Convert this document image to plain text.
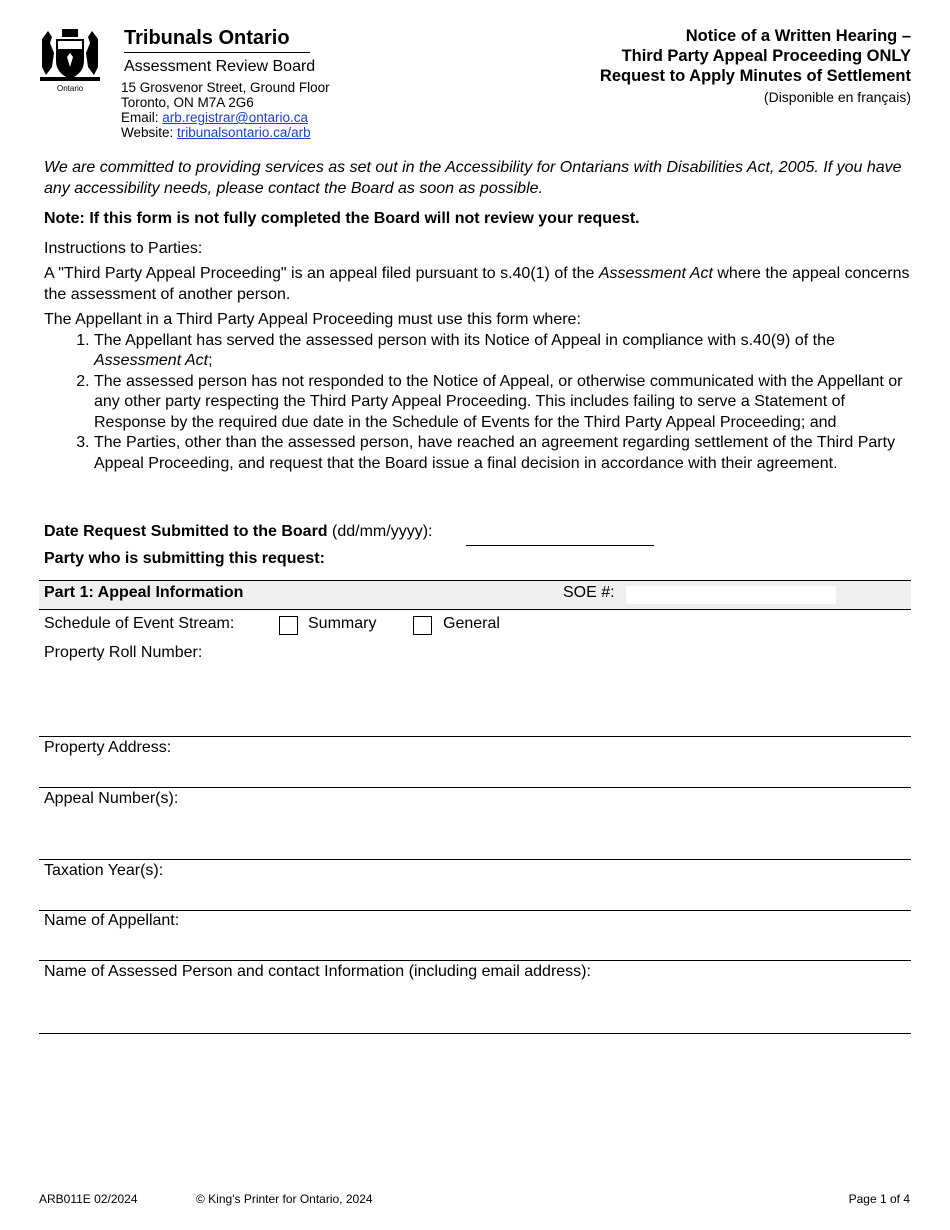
Ontario
Tribunals Ontario
Assessment Review Board
15 Grosvenor Street, Ground Floor
Toronto, ON M7A 2G6
Email: arb.registrar@ontario.ca
Website: tribunalsontario.ca/arb
Notice of a Written Hearing –
Third Party Appeal Proceeding ONLY
Request to Apply Minutes of Settlement
(Disponible en français)
We are committed to providing services as set out in the Accessibility for Ontarians with Disabilities Act, 2005. If you have any accessibility needs, please contact the Board as soon as possible.
Note: If this form is not fully completed the Board will not review your request.
Instructions to Parties:
A "Third Party Appeal Proceeding" is an appeal filed pursuant to s.40(1) of the Assessment Act where the appeal concerns the assessment of another person.
The Appellant in a Third Party Appeal Proceeding must use this form where:
1. The Appellant has served the assessed person with its Notice of Appeal in compliance with s.40(9) of the Assessment Act;
2. The assessed person has not responded to the Notice of Appeal, or otherwise communicated with the Appellant or any other party respecting the Third Party Appeal Proceeding. This includes failing to serve a Statement of Response by the required due date in the Schedule of Events for the Third Party Appeal Proceeding; and
3. The Parties, other than the assessed person, have reached an agreement regarding settlement of the Third Party Appeal Proceeding, and request that the Board issue a final decision in accordance with their agreement.
Date Request Submitted to the Board (dd/mm/yyyy):
Party who is submitting this request:
Part 1: Appeal Information	SOE #:
Schedule of Event Stream:	Summary	General
Property Roll Number:
Property Address:
Appeal Number(s):
Taxation Year(s):
Name of Appellant:
Name of Assessed Person and contact Information (including email address):
ARB011E 02/2024	© King's Printer for Ontario, 2024	Page 1 of 4
